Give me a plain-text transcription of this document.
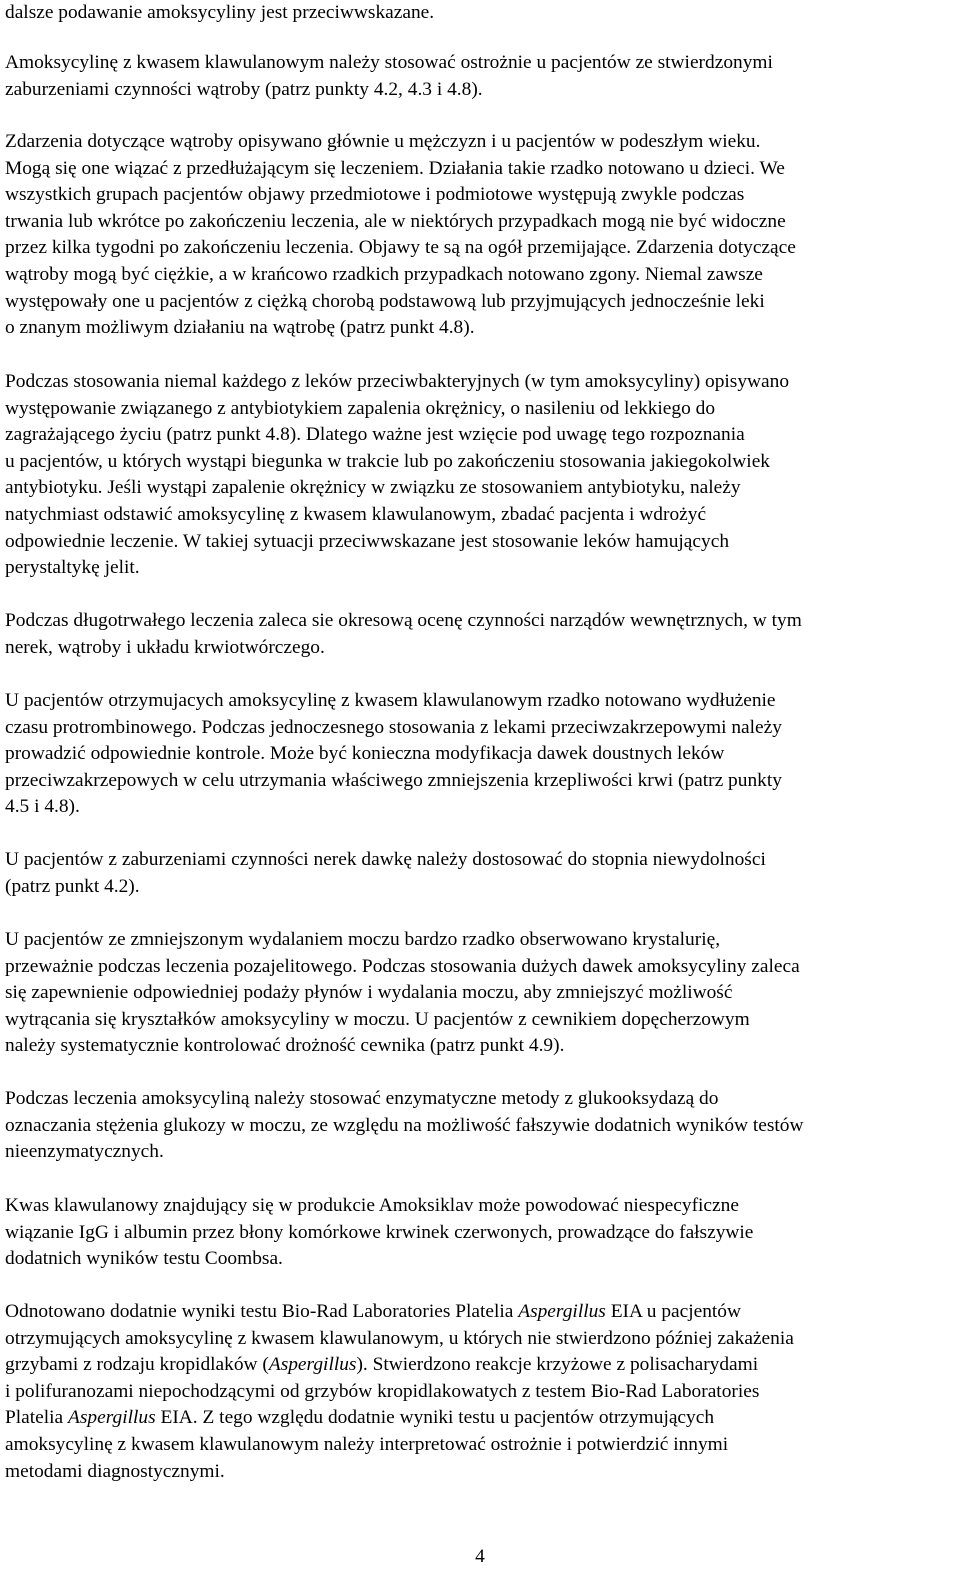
dalsze podawanie amoksycyliny jest przeciwwskazane.

Amoksycylinę z kwasem klawulanowym należy stosować ostrożnie u pacjentów ze stwierdzonymi
zaburzeniami czynności wątroby (patrz punkty 4.2, 4.3 i 4.8).

Zdarzenia dotyczące wątroby opisywano głównie u mężczyzn i u pacjentów w podeszłym wieku.
Mogą się one wiązać z przedłużającym się leczeniem. Działania takie rzadko notowano u dzieci. We
wszystkich grupach pacjentów objawy przedmiotowe i podmiotowe występują zwykle podczas
trwania lub wkrótce po zakończeniu leczenia, ale w niektórych przypadkach mogą nie być widoczne
przez kilka tygodni po zakończeniu leczenia. Objawy te są na ogół przemijające. Zdarzenia dotyczące
wątroby mogą być ciężkie, a w krańcowo rzadkich przypadkach notowano zgony. Niemal zawsze
występowały one u pacjentów z ciężką chorobą podstawową lub przyjmujących jednocześnie leki
o znanym możliwym działaniu na wątrobę (patrz punkt 4.8).

Podczas stosowania niemal każdego z leków przeciwbakteryjnych (w tym amoksycyliny) opisywano
występowanie związanego z antybiotykiem zapalenia okrężnicy, o nasileniu od lekkiego do
zagrażającego życiu (patrz punkt 4.8). Dlatego ważne jest wzięcie pod uwagę tego rozpoznania
u pacjentów, u których wystąpi biegunka w trakcie lub po zakończeniu stosowania jakiegokolwiek
antybiotyku. Jeśli wystąpi zapalenie okrężnicy w związku ze stosowaniem antybiotyku, należy
natychmiast odstawić amoksycylinę z kwasem klawulanowym, zbadać pacjenta i wdrożyć
odpowiednie leczenie. W takiej sytuacji przeciwwskazane jest stosowanie leków hamujących
perystaltykę jelit.

Podczas długotrwałego leczenia zaleca sie okresową ocenę czynności narządów wewnętrznych, w tym
nerek, wątroby i układu krwiotwórczego.

U pacjentów otrzymujacych amoksycylinę z kwasem klawulanowym rzadko notowano wydłużenie
czasu protrombinowego. Podczas jednoczesnego stosowania z lekami przeciwzakrzepowymi należy
prowadzić odpowiednie kontrole. Może być konieczna modyfikacja dawek doustnych leków
przeciwzakrzepowych w celu utrzymania właściwego zmniejszenia krzepliwości krwi (patrz punkty
4.5 i 4.8).

U pacjentów z zaburzeniami czynności nerek dawkę należy dostosować do stopnia niewydolności
(patrz punkt 4.2).

U pacjentów ze zmniejszonym wydalaniem moczu bardzo rzadko obserwowano krystalurię,
przeważnie podczas leczenia pozajelitowego. Podczas stosowania dużych dawek amoksycyliny zaleca
się zapewnienie odpowiedniej podaży płynów i wydalania moczu, aby zmniejszyć możliwość
wytrącania się kryształków amoksycyliny w moczu. U pacjentów z cewnikiem dopęcherzowym
należy systematycznie kontrolować drożność cewnika (patrz punkt 4.9).

Podczas leczenia amoksycyliną należy stosować enzymatyczne metody z glukooksydazą do
oznaczania stężenia glukozy w moczu, ze względu na możliwość fałszywie dodatnich wyników testów
nieenzymatycznych.

Kwas klawulanowy znajdujący się w produkcie Amoksiklav może powodować niespecyficzne
wiązanie IgG i albumin przez błony komórkowe krwinek czerwonych, prowadzące do fałszywie
dodatnich wyników testu Coombsa.

Odnotowano dodatnie wyniki testu Bio-Rad Laboratories Platelia Aspergillus EIA u pacjentów
otrzymujących amoksycylinę z kwasem klawulanowym, u których nie stwierdzono później zakażenia
grzybami z rodzaju kropidlaków (Aspergillus). Stwierdzono reakcje krzyżowe z polisacharydami
i polifuranozami niepochodzącymi od grzybów kropidlakowatych z testem Bio-Rad Laboratories
Platelia Aspergillus EIA. Z tego względu dodatnie wyniki testu u pacjentów otrzymujących
amoksycylinę z kwasem klawulanowym należy interpretować ostrożnie i potwierdzić innymi
metodami diagnostycznymi.

4
